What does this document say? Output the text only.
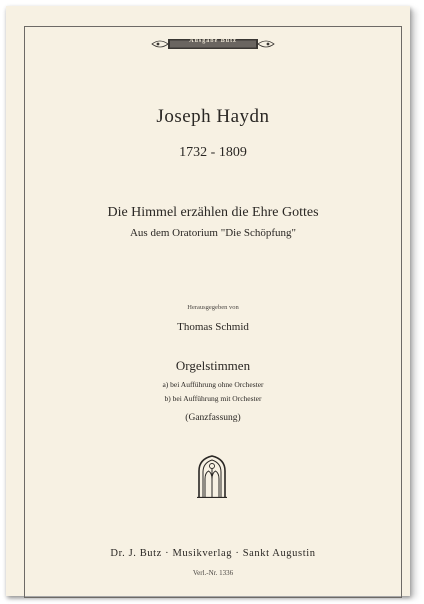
Ausgabe Butz
Joseph Haydn
1732 - 1809
Die Himmel erzählen die Ehre Gottes
Aus dem Oratorium "Die Schöpfung"
Herausgegeben von
Thomas Schmid
Orgelstimmen
a) bei Aufführung ohne Orchester
b) bei Aufführung mit Orchester
(Ganzfassung)
Dr. J. Butz · Musikverlag · Sankt Augustin
Verl.-Nr. 1336
